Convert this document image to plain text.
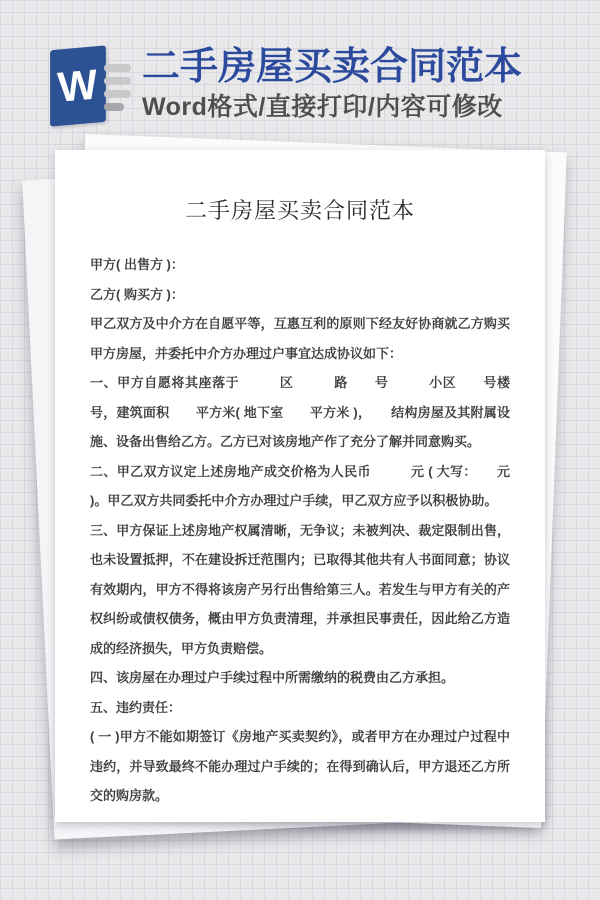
W 二手房屋买卖合同范本
Word格式/直接打印/内容可修改
二手房屋买卖合同范本

甲方( 出售方 )：

乙方( 购买方 )：

甲乙双方及中介方在自愿平等，互惠互利的原则下经友好协商就乙方购买甲方房屋，并委托中介方办理过户事宜达成协议如下：

一、甲方自愿将其座落于　　　区　　　路　　号　　　小区　　号楼　　号，建筑面积　　平方米( 地下室　　平方米 )，　　结构房屋及其附属设施、设备出售给乙方。乙方已对该房地产作了充分了解并同意购买。

二、甲乙双方议定上述房地产成交价格为人民币　　　元 ( 大写：　　元 )。甲乙双方共同委托中介方办理过户手续，甲乙双方应予以积极协助。

三、甲方保证上述房地产权属清晰，无争议；未被判决、裁定限制出售，也未设置抵押，不在建设拆迁范围内；已取得其他共有人书面同意；协议有效期内，甲方不得将该房产另行出售给第三人。若发生与甲方有关的产权纠纷或债权债务，概由甲方负责清理，并承担民事责任，因此给乙方造成的经济损失，甲方负责赔偿。

四、该房屋在办理过户手续过程中所需缴纳的税费由乙方承担。

五、违约责任：

( 一 )甲方不能如期签订《房地产买卖契约》，或者甲方在办理过户过程中违约，并导致最终不能办理过户手续的；在得到确认后，甲方退还乙方所交的购房款。
